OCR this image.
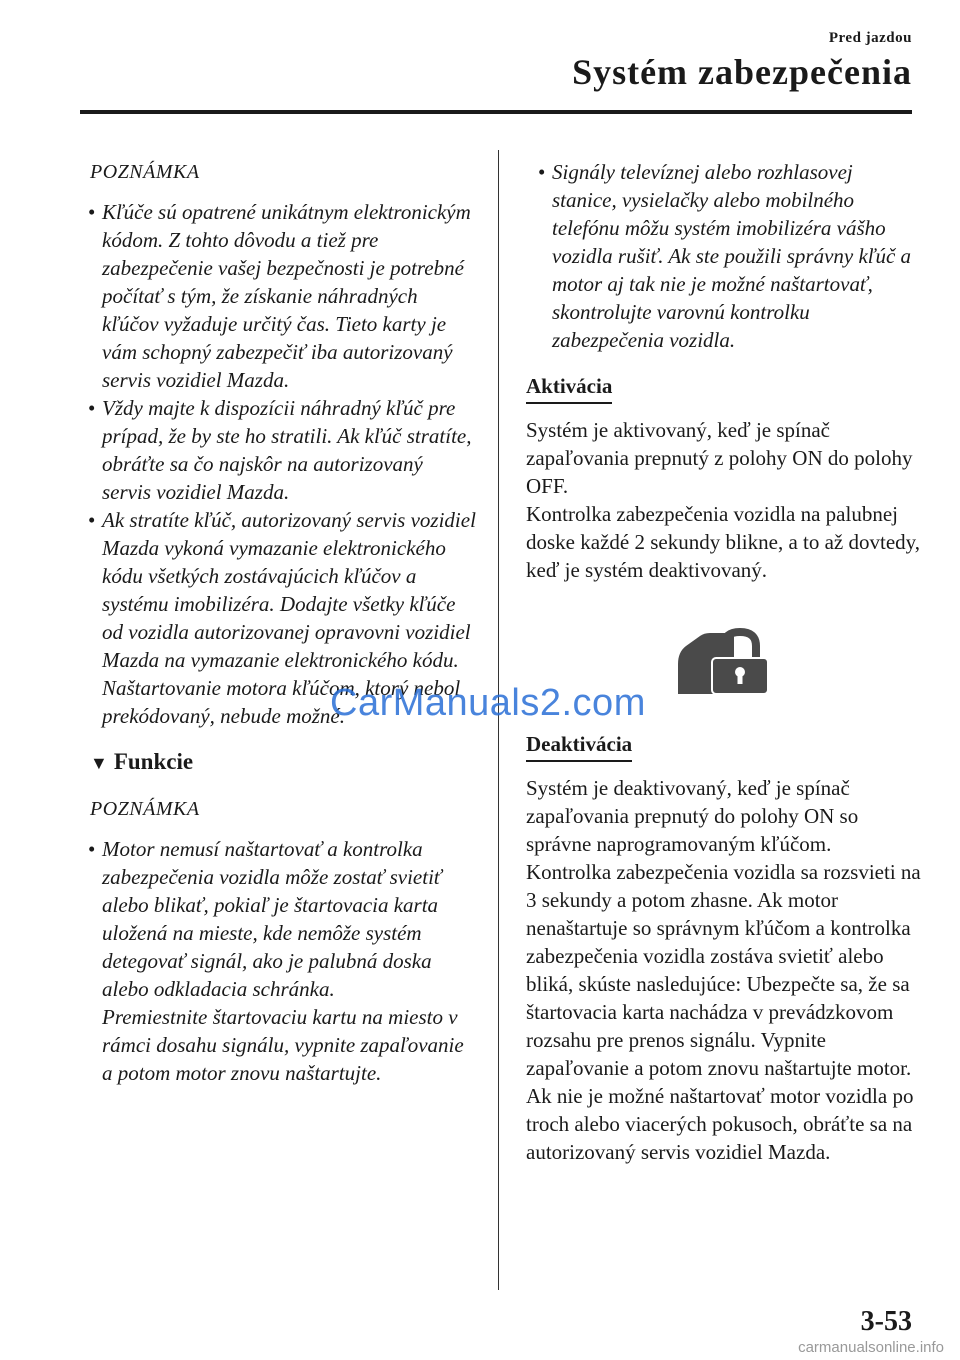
Pred jazdou
Systém zabezpečenia
POZNÁMKA
• Kľúče sú opatrené unikátnym elektronickým kódom. Z tohto dôvodu a tiež pre zabezpečenie vašej bezpečnosti je potrebné počítať s tým, že získanie náhradných kľúčov vyžaduje určitý čas. Tieto karty je vám schopný zabezpečiť iba autorizovaný servis vozidiel Mazda.

• Vždy majte k dispozícii náhradný kľúč pre prípad, že by ste ho stratili. Ak kľúč stratíte, obráťte sa čo najskôr na autorizovaný servis vozidiel Mazda.

• Ak stratíte kľúč, autorizovaný servis vozidiel Mazda vykoná vymazanie elektronického kódu všetkých zostávajúcich kľúčov a systému imobilizéra. Dodajte všetky kľúče od vozidla autorizovanej opravovni vozidiel Mazda na vymazanie elektronického kódu.

Naštartovanie motora kľúčom, ktorý nebol prekódovaný, nebude možné.

▼ Funkcie
POZNÁMKA
• Motor nemusí naštartovať a kontrolka zabezpečenia vozidla môže zostať svietiť alebo blikať, pokiaľ je štartovacia karta uložená na mieste, kde nemôže systém detegovať signál, ako je palubná doska alebo odkladacia schránka.

Premiestnite štartovaciu kartu na miesto v rámci dosahu signálu, vypnite zapaľovanie a potom motor znovu naštartujte.

• Signály televíznej alebo rozhlasovej stanice, vysielačky alebo mobilného telefónu môžu systém imobilizéra vášho vozidla rušiť. Ak ste použili správny kľúč a motor aj tak nie je možné naštartovať, skontrolujte varovnú kontrolku zabezpečenia vozidla.

Aktivácia

Systém je aktivovaný, keď je spínač zapaľovania prepnutý z polohy ON do polohy OFF.

Kontrolka zabezpečenia vozidla na palubnej doske každé 2 sekundy blikne, a to až dovtedy, keď je systém deaktivovaný.

Deaktivácia

Systém je deaktivovaný, keď je spínač zapaľovania prepnutý do polohy ON so správne naprogramovaným kľúčom.

Kontrolka zabezpečenia vozidla sa rozsvieti na 3 sekundy a potom zhasne. Ak motor nenaštartuje so správnym kľúčom a kontrolka zabezpečenia vozidla zostáva svietiť alebo bliká, skúste nasledujúce: Ubezpečte sa, že sa štartovacia karta nachádza v prevádzkovom rozsahu pre prenos signálu. Vypnite zapaľovanie a potom znovu naštartujte motor. Ak nie je možné naštartovať motor vozidla po troch alebo viacerých pokusoch, obráťte sa na autorizovaný servis vozidiel Mazda.

CarManuals2.com
3-53
carmanualsonline.info
